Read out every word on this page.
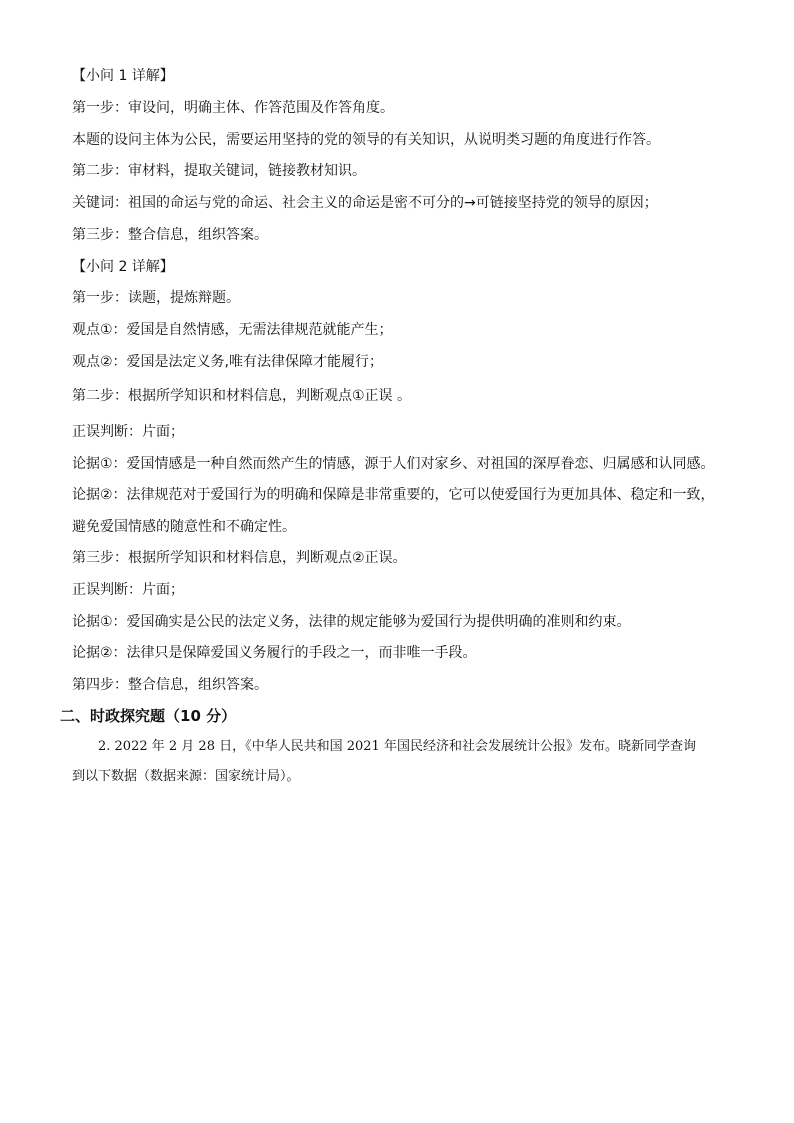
【小问 1 详解】
第一步：审设问，明确主体、作答范围及作答角度。
本题的设问主体为公民，需要运用坚持的党的领导的有关知识，从说明类习题的角度进行作答。
第二步：审材料，提取关键词，链接教材知识。
关键词：祖国的命运与党的命运、社会主义的命运是密不可分的→可链接坚持党的领导的原因；
第三步：整合信息，组织答案。
【小问 2 详解】
第一步：读题，提炼辩题。
观点①：爱国是自然情感，无需法律规范就能产生；
观点②：爱国是法定义务,唯有法律保障才能履行；
第二步：根据所学知识和材料信息，判断观点①正误 。
正误判断：片面；
论据①：爱国情感是一种自然而然产生的情感，源于人们对家乡、对祖国的深厚眷恋、归属感和认同感。
论据②：法律规范对于爱国行为的明确和保障是非常重要的，它可以使爱国行为更加具体、稳定和一致，
避免爱国情感的随意性和不确定性。
第三步：根据所学知识和材料信息，判断观点②正误。
正误判断：片面；
论据①：爱国确实是公民的法定义务，法律的规定能够为爱国行为提供明确的准则和约束。
论据②：法律只是保障爱国义务履行的手段之一，而非唯一手段。
第四步：整合信息，组织答案。
二、时政探究题（10 分）
2. 2022 年 2 月 28 日，《中华人民共和国 2021 年国民经济和社会发展统计公报》发布。晓新同学查询
到以下数据（数据来源：国家统计局）。
